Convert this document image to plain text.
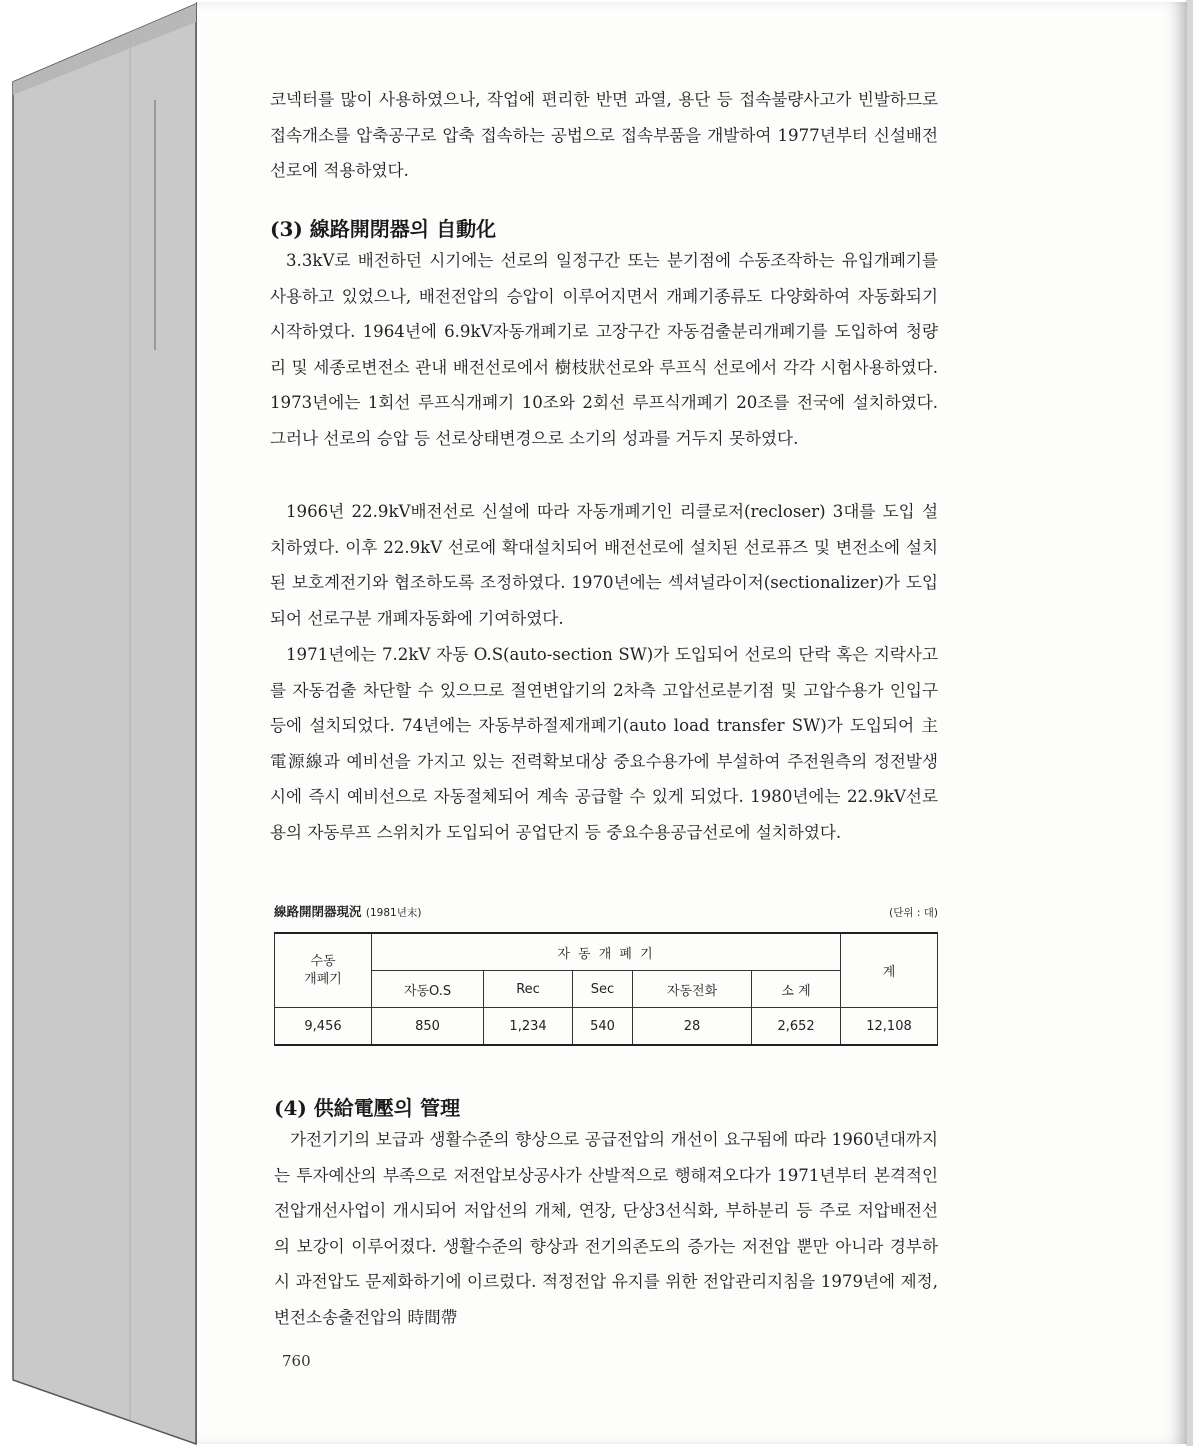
코넥터를 많이 사용하였으나, 작업에 편리한 반면 과열, 용단 등 접속불량사고가 빈발하므로 접속개소를 압축공구로 압축 접속하는 공법으로 접속부품을 개발하여 1977년부터 신설배전선로에 적용하였다.

(3) 線路開閉器의 自動化

3.3kV로 배전하던 시기에는 선로의 일정구간 또는 분기점에 수동조작하는 유입개폐기를 사용하고 있었으나, 배전전압의 승압이 이루어지면서 개폐기종류도 다양화하여 자동화되기 시작하였다. 1964년에 6.9kV자동개폐기로 고장구간 자동검출분리개폐기를 도입하여 청량리 및 세종로변전소 관내 배전선로에서 樹枝狀선로와 루프식 선로에서 각각 시험사용하였다. 1973년에는 1회선 루프식개폐기 10조와 2회선 루프식개폐기 20조를 전국에 설치하였다. 그러나 선로의 승압 등 선로상태변경으로 소기의 성과를 거두지 못하였다.

1966년 22.9kV배전선로 신설에 따라 자동개폐기인 리클로저(recloser) 3대를 도입 설치하였다. 이후 22.9kV 선로에 확대설치되어 배전선로에 설치된 선로퓨즈 및 변전소에 설치된 보호계전기와 협조하도록 조정하였다. 1970년에는 섹셔널라이저(sectionalizer)가 도입되어 선로구분 개폐자동화에 기여하였다.

1971년에는 7.2kV 자동 O.S(auto-section SW)가 도입되어 선로의 단락 혹은 지락사고를 자동검출 차단할 수 있으므로 절연변압기의 2차측 고압선로분기점 및 고압수용가 인입구 등에 설치되었다. 74년에는 자동부하절제개폐기(auto load transfer SW)가 도입되어 主電源線과 예비선을 가지고 있는 전력확보대상 중요수용가에 부설하여 주전원측의 정전발생시에 즉시 예비선으로 자동절체되어 계속 공급할 수 있게 되었다. 1980년에는 22.9kV선로용의 자동루프 스위치가 도입되어 공업단지 등 중요수용공급선로에 설치하였다.

線路開閉器現況 (1981년末)	(단위 : 대)
수동
개폐기	자 동 개 폐 기					계
	자동O.S	Rec	Sec	자동전화	소 계	
9,456	850	1,234	540	28	2,652	12,108
(4) 供給電壓의 管理

가전기기의 보급과 생활수준의 향상으로 공급전압의 개선이 요구됨에 따라 1960년대까지는 투자예산의 부족으로 저전압보상공사가 산발적으로 행해져오다가 1971년부터 본격적인 전압개선사업이 개시되어 저압선의 개체, 연장, 단상3선식화, 부하분리 등 주로 저압배전선의 보강이 이루어졌다. 생활수준의 향상과 전기의존도의 증가는 저전압 뿐만 아니라 경부하시 과전압도 문제화하기에 이르렀다. 적정전압 유지를 위한 전압관리지침을 1979년에 제정, 변전소송출전압의 時間帶

760
